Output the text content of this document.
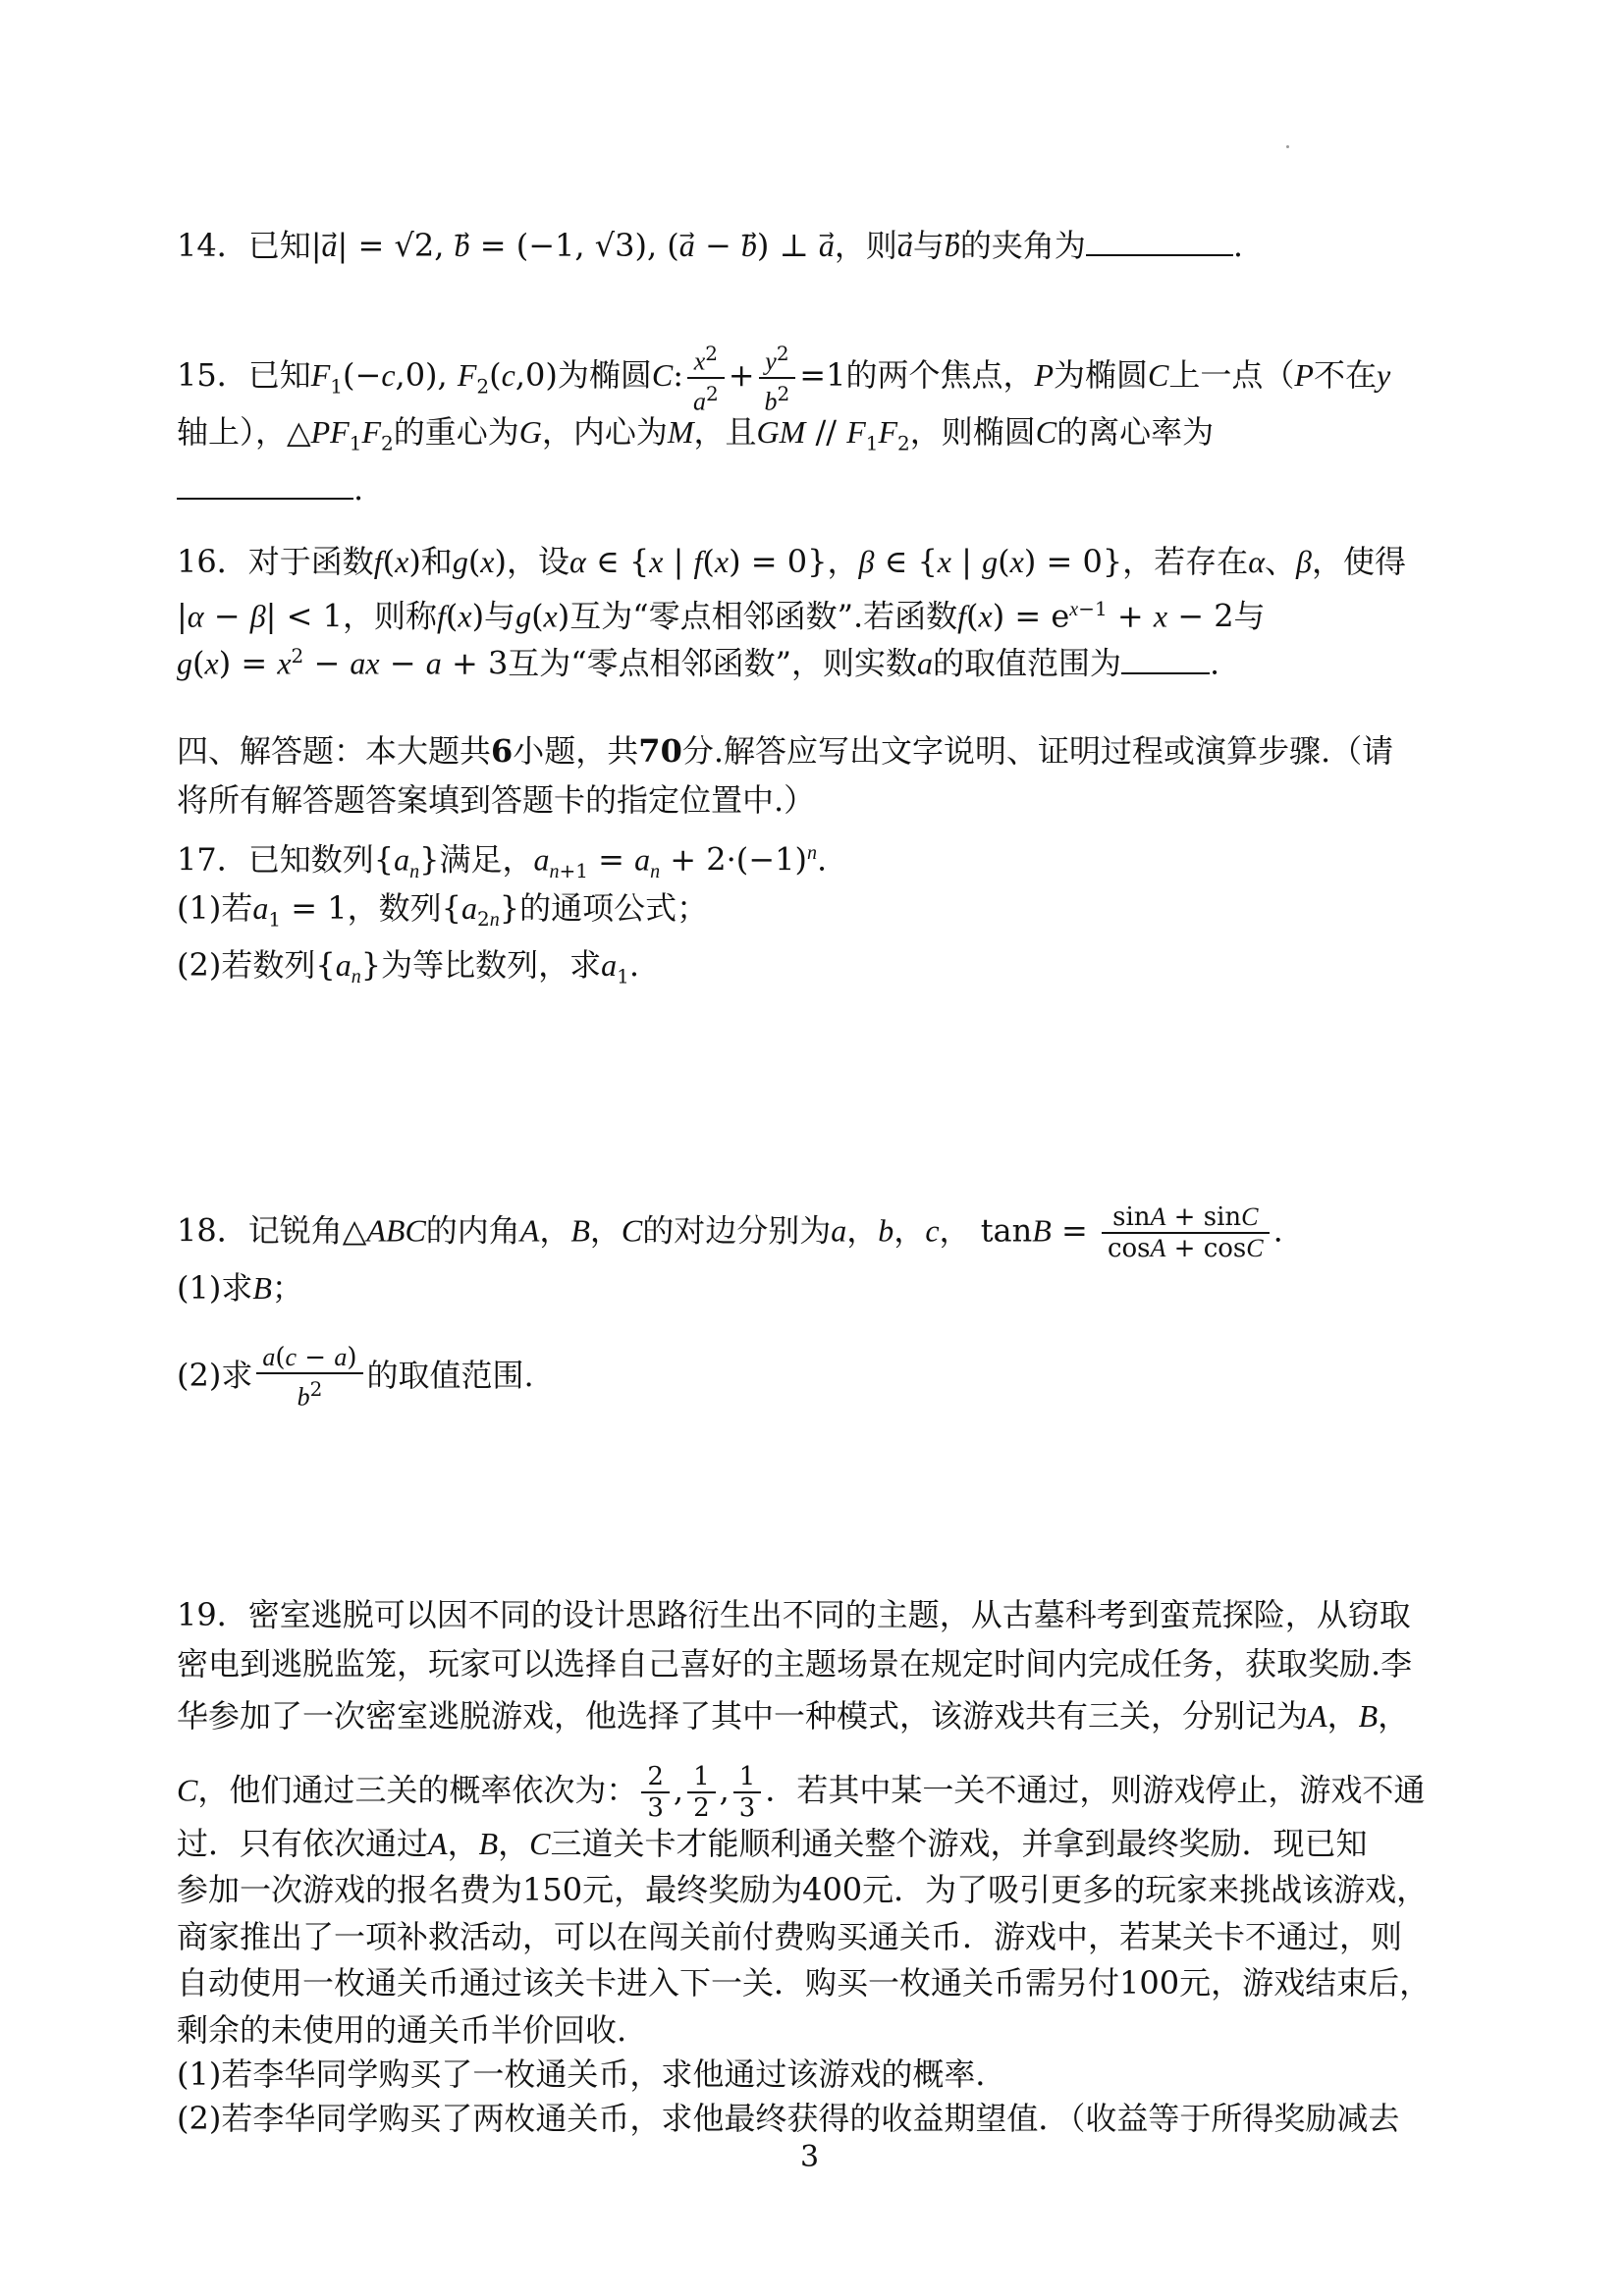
14．已知|a⃗| = √2, b⃗ = (−1, √3), (a⃗ − b⃗) ⊥ a，则a与b的夹角为	.
15．已知$F_1(-c,0)$, $F_2(c,0)$为椭圆C: $\frac{x^2}{a^2} + \frac{y^2}{b^2} =1$的两个焦点，P为椭圆C上一点（P不在y
轴上），$\triangle PF_1F_2$的重心为G，内心为M，且GM // $F_1F_2$，则椭圆C的离心率为
.
16．对于函数f(x)和g(x)，设α ∈ {x | f(x) = 0}，β ∈ {x | g(x) = 0}，若存在α、β，使得
|α − β| < 1，则称f(x)与g(x)互为“零点相邻函数”.若函数$f(x) = e^{x-1} + x - 2$与
$g(x) = x^2$ − ax − a + 3互为“零点相邻函数”，则实数a的取值范围为	.
四、解答题：本大题共6小题，共70分.解答应写出文字说明、证明过程或演算步骤.（请
将所有解答题答案填到答题卡的指定位置中.）
17．已知数列$\{a_n\}$满足，$a_{n+1} = a_n + 2\cdot(-1)^n$.
(1)若$a_1 = 1$，数列$\{a_{2n}\}$的通项公式；
(2)若数列$\{a_n\}$为等比数列，求$a_1$.
18．记锐角△ABC的内角A，B，C的对边分别为a，b，c， $\tan B = \frac{\sin A + \sin C}{\cos A + \cos C}$ .
(1)求B；
(2)求 $\frac{a(c - a)}{b^2}$ 的取值范围.
19．密室逃脱可以因不同的设计思路衍生出不同的主题，从古墓科考到蛮荒探险，从窃取
密电到逃脱监笼，玩家可以选择自己喜好的主题场景在规定时间内完成任务，获取奖励.李
华参加了一次密室逃脱游戏，他选择了其中一种模式，该游戏共有三关，分别记为A，B，
C，他们通过三关的概率依次为： $\frac{2}{3}$ , $\frac{1}{2}$ , $\frac{1}{3}$ ．若其中某一关不通过，则游戏停止，游戏不通
过．只有依次通过A，B，C三道关卡才能顺利通关整个游戏，并拿到最终奖励．现已知
参加一次游戏的报名费为150元，最终奖励为400元．为了吸引更多的玩家来挑战该游戏，
商家推出了一项补救活动，可以在闯关前付费购买通关币．游戏中，若某关卡不通过，则
自动使用一枚通关币通过该关卡进入下一关．购买一枚通关币需另付100元，游戏结束后，
剩余的未使用的通关币半价回收.
(1)若李华同学购买了一枚通关币，求他通过该游戏的概率．
(2)若李华同学购买了两枚通关币，求他最终获得的收益期望值．（收益等于所得奖励减去
3
